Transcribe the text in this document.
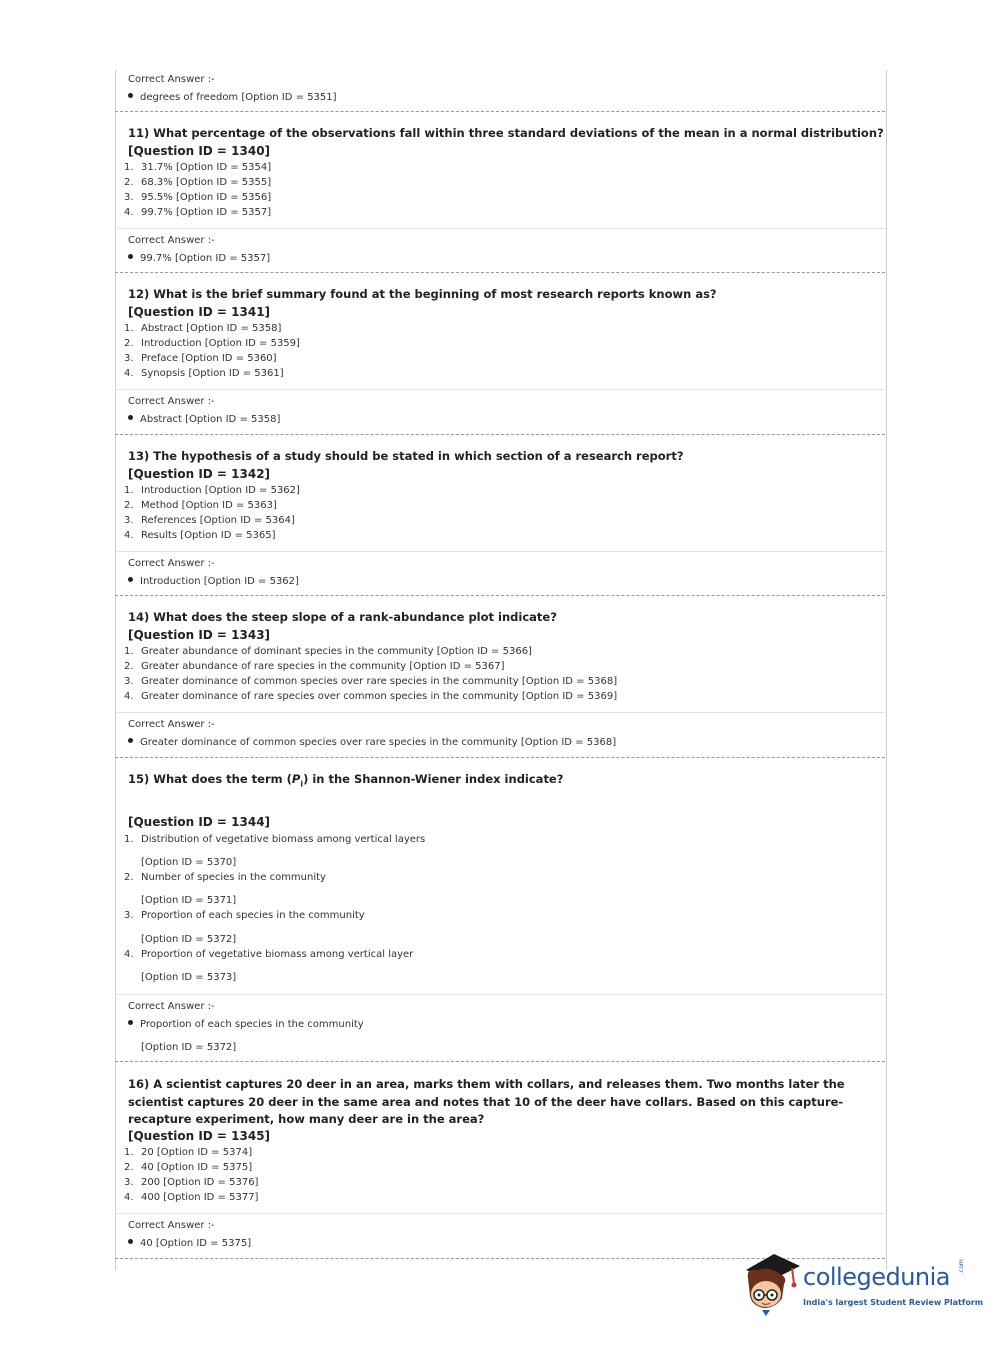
Correct Answer :-
degrees of freedom [Option ID = 5351]
11) What percentage of the observations fall within three standard deviations of the mean in a normal distribution?
[Question ID = 1340]
1. 31.7% [Option ID = 5354]
2. 68.3% [Option ID = 5355]
3. 95.5% [Option ID = 5356]
4. 99.7% [Option ID = 5357]
Correct Answer :-
99.7% [Option ID = 5357]
12) What is the brief summary found at the beginning of most research reports known as?
[Question ID = 1341]
1. Abstract [Option ID = 5358]
2. Introduction [Option ID = 5359]
3. Preface [Option ID = 5360]
4. Synopsis [Option ID = 5361]
Correct Answer :-
Abstract [Option ID = 5358]
13) The hypothesis of a study should be stated in which section of a research report?
[Question ID = 1342]
1. Introduction [Option ID = 5362]
2. Method [Option ID = 5363]
3. References [Option ID = 5364]
4. Results [Option ID = 5365]
Correct Answer :-
Introduction [Option ID = 5362]
14) What does the steep slope of a rank-abundance plot indicate?
[Question ID = 1343]
1. Greater abundance of dominant species in the community [Option ID = 5366]
2. Greater abundance of rare species in the community [Option ID = 5367]
3. Greater dominance of common species over rare species in the community [Option ID = 5368]
4. Greater dominance of rare species over common species in the community [Option ID = 5369]
Correct Answer :-
Greater dominance of common species over rare species in the community [Option ID = 5368]
15) What does the term $(P_i)$ in the Shannon-Wiener index indicate?
[Question ID = 1344]
1. Distribution of vegetative biomass among vertical layers
[Option ID = 5370]
2. Number of species in the community
[Option ID = 5371]
3. Proportion of each species in the community
[Option ID = 5372]
4. Proportion of vegetative biomass among vertical layer
[Option ID = 5373]
Correct Answer :-
Proportion of each species in the community
[Option ID = 5372]
16) A scientist captures 20 deer in an area, marks them with collars, and releases them. Two months later the scientist captures 20 deer in the same area and notes that 10 of the deer have collars. Based on this capture-recapture experiment, how many deer are in the area?
[Question ID = 1345]
1. 20 [Option ID = 5374]
2. 40 [Option ID = 5375]
3. 200 [Option ID = 5376]
4. 400 [Option ID = 5377]
Correct Answer :-
40 [Option ID = 5375]
collegedunia .com
India's largest Student Review Platform
